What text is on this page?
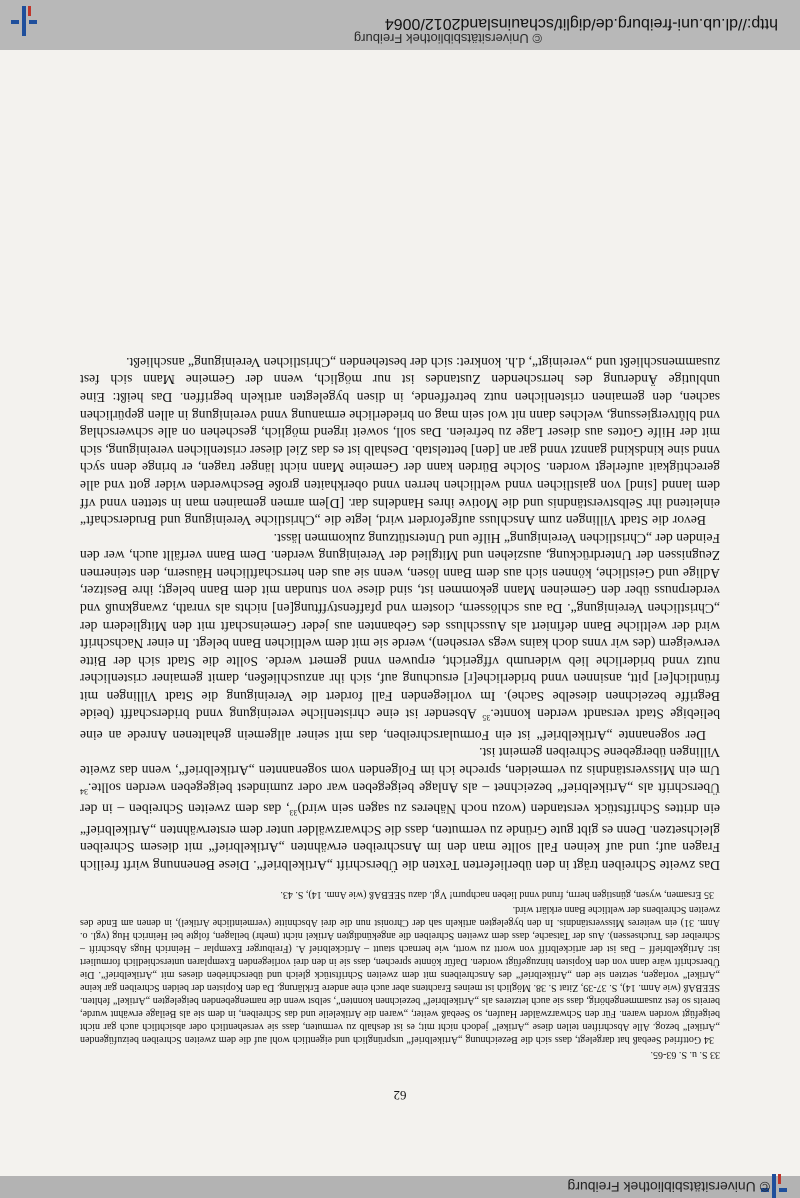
© Universitätsbibliothek Freiburg
62

33 S. u. S. 63-65.

34 Gottfried Seebaß hat dargelegt, dass sich die Bezeichnung „Artikelbrief“ ursprünglich und eigentlich wohl auf die dem zweiten Schreiben beizufügenden „Artikel“ bezog. Alle Abschriften teilen diese „Artikel“ jedoch nicht mit; es ist deshalb zu vermuten, dass sie versehentlich oder absichtlich auch gar nicht beigefügt worden waren. Für den Schwarzwälder Haufen, so Seebaß weiter, „waren die Artikeleile und das Schreiben, in dem sie als Beilage erwähnt wurde, bereits so fest zusammengehörig, dass sie auch letzteres als „Artikelbrief“ bezeichnen konnten“, selbst wenn die namengebenden beigelegten „Artikel“ fehlten. SEEBAß (wie Anm. 14), S. 37-39, Zitat S. 38. Möglich ist meines Erachtens aber auch eine andere Erklärung. Da den Kopisten der beiden Schreiben gar keine „Artikel“ vorlagen, setzten sie den „Artikelbrief“ des Anschreibens mit dem zweiten Schriftstück gleich und überschrieben dieses mit „Artikelbrief“. Die Überschrift wäre dann von den Kopisten hinzugefügt worden. Dafür könnte sprechen, dass sie in den drei vorliegenden Exemplaren unterschiedlich formuliert ist: Artigkelbrieff – Das ist der artickelbriff von wortt zu wortt, wie hernach stautt – Artickelbrief A. (Freiburger Exemplar – Heinrich Hugs Abschrift – Schreiber des Truchsessen). Aus der Tatsache, dass dem zweiten Schreiben die angekündigten Artikel nicht (mehr) beilagen, folgte bei Heinrich Hug (vgl. o. Anm. 31) ein weiteres Missverständnis. In den bygelegten artikeln sah der Chronist nun die drei Abschnitte (vermeintliche Artikel), in denen am Ende des zweiten Schreibens der weltliche Bann erklärt wird.

35 Ersamen, wysen, günstigen herrn, frund vnnd lieben nachpurn! Vgl. dazu SEEBAß (wie Anm. 14), S. 43.

Das zweite Schreiben trägt in den überlieferten Texten die Überschrift „Artikelbrief“. Diese Benennung wirft freilich Fragen auf; und auf keinen Fall sollte man den im Anschreiben erwähnten „Artikelbrief“ mit diesem Schreiben gleichsetzen. Denn es gibt gute Gründe zu vermuten, dass die Schwarzwälder unter dem ersterwähnten „Artikelbrief“ ein drittes Schriftstück verstanden (wozu noch Näheres zu sagen sein wird)$^{33}$, das dem zweiten Schreiben – in der Überschrift als „Artikelbrief“ bezeichnet – als Anlage beigegeben war oder zumindest beigegeben werden sollte.$^{34}$ Um ein Missverständnis zu vermeiden, spreche ich im Folgenden vom sogenannten „Artikelbrief“, wenn das zweite Villingen übergebene Schreiben gemeint ist.

Der sogenannte „Artikelbrief“ ist ein Formularschreiben, das mit seiner allgemein gehaltenen Anrede an eine beliebige Stadt versandt werden konnte.$^{35}$ Absender ist eine christenliche vereinigung vnnd briderschafft (beide Begriffe bezeichnen dieselbe Sache). Im vorliegenden Fall fordert die Vereinigung die Stadt Villingen mit früntlich[er] pitt, ansinnen vnnd briderliche[r] ersuchung auf, sich ihr anzuschließen, damit gemainer cristenlicher nutz vnnd briderliche lieb widerumb vffgericht, erpuwen vnnd gemert werde. Sollte die Stadt sich der Bitte verweigern (des wir vnns doch kains wegs versehen), werde sie mit dem weltlichen Bann belegt. In einer Nachschrift wird der weltliche Bann definiert als Ausschluss des Gebannten aus jeder Gemeinschaft mit den Mitgliedern der „Christlichen Vereinigung“. Da aus schlössern, clostern vnd pfaffenstyfftung[en] nichts als vnrath, zwangknuß vnd verderpnuss über den Gemeinen Mann gekommen ist, sind diese von stundan mit dem Bann belegt; ihre Besitzer, Adlige und Geistliche, können sich aus dem Bann lösen, wenn sie aus den herrschaftlichen Häusern, den steinernen Zeugnissen der Unterdrückung, ausziehen und Mitglied der Vereinigung werden. Dem Bann verfällt auch, wer den Feinden der „Christlichen Vereinigung“ Hilfe und Unterstützung zukommen lässt.

Bevor die Stadt Villingen zum Anschluss aufgefordert wird, legte die „Christliche Vereinigung und Bruderschaft“ einleitend ihr Selbstverständnis und die Motive ihres Handelns dar. [D]em armen gemainen man in stetten vnnd vff dem lannd [sind] von gaistlichen vnnd weltlichen herren vnnd oberkhaiten große Beschwerden wider gott vnd alle gerechtigkait auferlegt worden. Solche Bürden kann der Gemeine Mann nicht länger tragen, er bringe denn sych vnnd sine kindskind gannzt vnnd gar an [den] bettelstab. Deshalb ist es das Ziel dieser cristenlichen vereinigung, sich mit der Hilfe Gottes aus dieser Lage zu befreien. Das soll, soweit irgend möglich, geschehen on alle schwerschlag vnd blůtvergiessung, welches dann nit wol sein mag on briederliche ermanung vnnd vereinigung in allen gepürlichen sachen, den gemainen cristenlichen nutz betreffende, in disen bygelegten artikeln begriffen. Das heißt: Eine unblutige Änderung des herrschenden Zustandes ist nur möglich, wenn der Gemeine Mann sich fest zusammenschließt und „vereinigt“, d.h. konkret: sich der bestehenden „Christlichen Vereinigung“ anschließt.

© Universitätsbibliothek Freiburg
http://dl.ub.uni-freiburg.de/diglit/schauinsland2012/0064
